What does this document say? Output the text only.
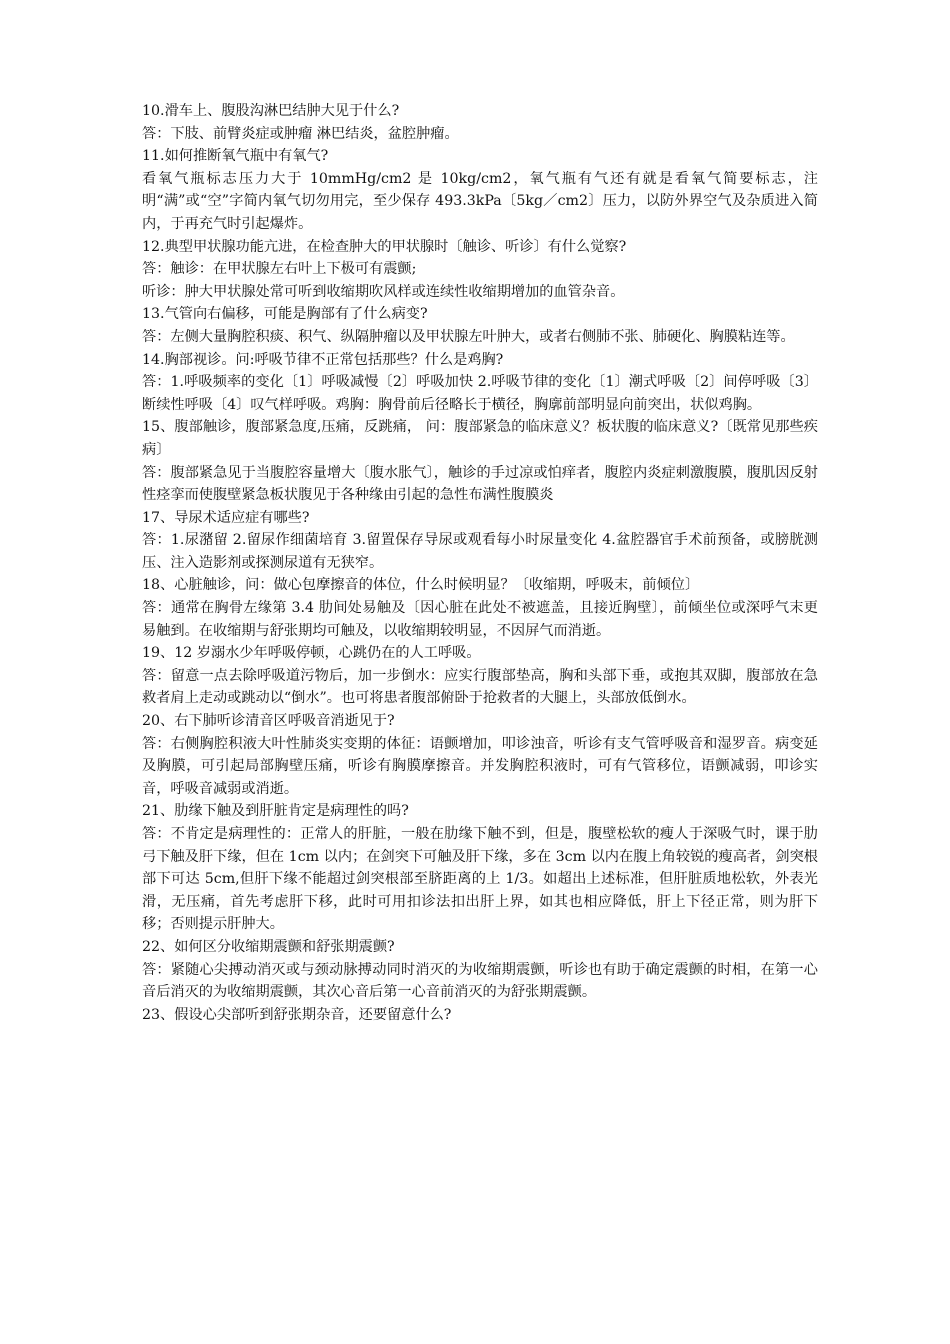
10.滑车上、腹股沟淋巴结肿大见于什么?

答：下肢、前臂炎症或肿瘤 淋巴结炎，盆腔肿瘤。

11.如何推断氧气瓶中有氧气?

看氧气瓶标志压力大于 10mmHg/cm2 是 10kg/cm2，氧气瓶有气还有就是看氧气简要标志，注明“满”或“空”字简内氧气切勿用完，至少保存 493.3kPa〔5kg／cm2〕压力，以防外界空气及杂质进入简内，于再充气时引起爆炸。

12.典型甲状腺功能亢进，在检查肿大的甲状腺时〔触诊、听诊〕有什么觉察?

答：触诊：在甲状腺左右叶上下极可有震颤;

听诊：肿大甲状腺处常可听到收缩期吹风样或连续性收缩期增加的血管杂音。

13.气管向右偏移，可能是胸部有了什么病变?

答：左侧大量胸腔积痰、积气、纵隔肿瘤以及甲状腺左叶肿大，或者右侧肺不张、肺硬化、胸膜粘连等。

14.胸部视诊。问:呼吸节律不正常包括那些？什么是鸡胸?

答：1.呼吸频率的变化〔1〕呼吸减慢〔2〕呼吸加快 2.呼吸节律的变化〔1〕潮式呼吸〔2〕间停呼吸〔3〕断续性呼吸〔4〕叹气样呼吸。鸡胸：胸骨前后径略长于横径，胸廓前部明显向前突出，状似鸡胸。

15、腹部触诊，腹部紧急度,压痛，反跳痛， 问：腹部紧急的临床意义？板状腹的临床意义?〔既常见那些疾病〕

答：腹部紧急见于当腹腔容量增大〔腹水胀气〕，触诊的手过凉或怕痒者，腹腔内炎症刺激腹膜，腹肌因反射性痉挛而使腹壁紧急板状腹见于各种缘由引起的急性布满性腹膜炎

17、导尿术适应症有哪些?

答：1.尿潴留 2.留尿作细菌培育 3.留置保存导尿或观看每小时尿量变化 4.盆腔器官手术前预备，或膀胱测压、注入造影剂或探测尿道有无狭窄。

18、心脏触诊，问：做心包摩擦音的体位，什么时候明显？〔收缩期，呼吸末，前倾位〕

答：通常在胸骨左缘第 3.4 肋间处易触及〔因心脏在此处不被遮盖，且接近胸壁〕，前倾坐位或深呼气末更易触到。在收缩期与舒张期均可触及，以收缩期较明显，不因屏气而消逝。

19、12 岁溺水少年呼吸停顿，心跳仍在的人工呼吸。

答：留意一点去除呼吸道污物后，加一步倒水：应实行腹部垫高，胸和头部下垂，或抱其双脚，腹部放在急救者肩上走动或跳动以“倒水”。也可将患者腹部俯卧于抢救者的大腿上，头部放低倒水。

20、右下肺听诊清音区呼吸音消逝见于?

答：右侧胸腔积液大叶性肺炎实变期的体征：语颤增加，叩诊浊音，听诊有支气管呼吸音和湿罗音。病变延及胸膜，可引起局部胸壁压痛，听诊有胸膜摩擦音。并发胸腔积液时，可有气管移位，语颤减弱，叩诊实音，呼吸音减弱或消逝。

21、肋缘下触及到肝脏肯定是病理性的吗?

答：不肯定是病理性的：正常人的肝脏，一般在肋缘下触不到，但是，腹壁松软的瘦人于深吸气时，课于肋弓下触及肝下缘，但在 1cm 以内；在剑突下可触及肝下缘，多在 3cm 以内在腹上角较锐的瘦高者，剑突根部下可达 5cm,但肝下缘不能超过剑突根部至脐距离的上 1/3。如超出上述标准，但肝脏质地松软，外表光滑，无压痛，首先考虑肝下移，此时可用扣诊法扣出肝上界，如其也相应降低，肝上下径正常，则为肝下移；否则提示肝肿大。

22、如何区分收缩期震颤和舒张期震颤?

答：紧随心尖搏动消灭或与颈动脉搏动同时消灭的为收缩期震颤，听诊也有助于确定震颤的时相，在第一心音后消灭的为收缩期震颤，其次心音后第一心音前消灭的为舒张期震颤。

23、假设心尖部听到舒张期杂音，还要留意什么?
